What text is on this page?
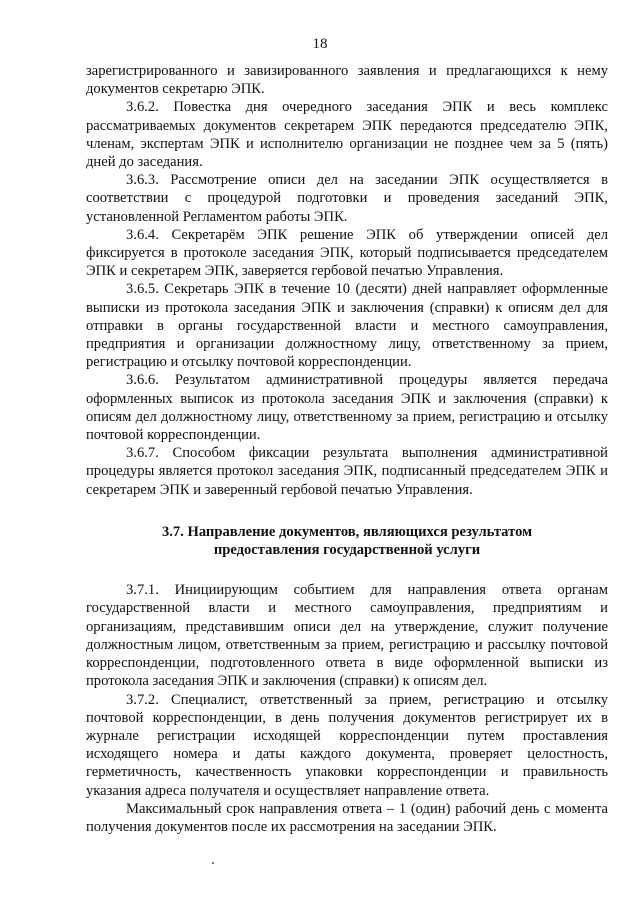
18

зарегистрированного и завизированного заявления и предлагающихся к нему документов секретарю ЭПК.

3.6.2. Повестка дня очередного заседания ЭПК и весь комплекс рассматриваемых документов секретарем ЭПК передаются председателю ЭПК, членам, экспертам ЭПК и исполнителю организации не позднее чем за 5 (пять) дней до заседания.

3.6.3. Рассмотрение описи дел на заседании ЭПК осуществляется в соответствии с процедурой подготовки и проведения заседаний ЭПК, установленной Регламентом работы ЭПК.

3.6.4. Секретарём ЭПК решение ЭПК об утверждении описей дел фиксируется в протоколе заседания ЭПК, который подписывается председателем ЭПК и секретарем ЭПК, заверяется гербовой печатью Управления.

3.6.5. Секретарь ЭПК в течение 10 (десяти) дней направляет оформленные выписки из протокола заседания ЭПК и заключения (справки) к описям дел для отправки в органы государственной власти и местного самоуправления, предприятия и организации должностному лицу, ответственному за прием, регистрацию и отсылку почтовой корреспонденции.

3.6.6. Результатом административной процедуры является передача оформленных выписок из протокола заседания ЭПК и заключения (справки) к описям дел должностному лицу, ответственному за прием, регистрацию и отсылку почтовой корреспонденции.

3.6.7. Способом фиксации результата выполнения административной процедуры является протокол заседания ЭПК, подписанный председателем ЭПК и секретарем ЭПК и заверенный гербовой печатью Управления.

3.7. Направление документов, являющихся результатом
предоставления государственной услуги

3.7.1. Инициирующим событием для направления ответа органам государственной власти и местного самоуправления, предприятиям и организациям, представившим описи дел на утверждение, служит получение должностным лицом, ответственным за прием, регистрацию и рассылку почтовой корреспонденции, подготовленного ответа в виде оформленной выписки из протокола заседания ЭПК и заключения (справки) к описям дел.

3.7.2. Специалист, ответственный за прием, регистрацию и отсылку почтовой корреспонденции, в день получения документов регистрирует их в журнале регистрации исходящей корреспонденции путем проставления исходящего номера и даты каждого документа, проверяет целостность, герметичность, качественность упаковки корреспонденции и правильность указания адреса получателя и осуществляет направление ответа.

Максимальный срок направления ответа – 1 (один) рабочий день с момента получения документов после их рассмотрения на заседании ЭПК.
